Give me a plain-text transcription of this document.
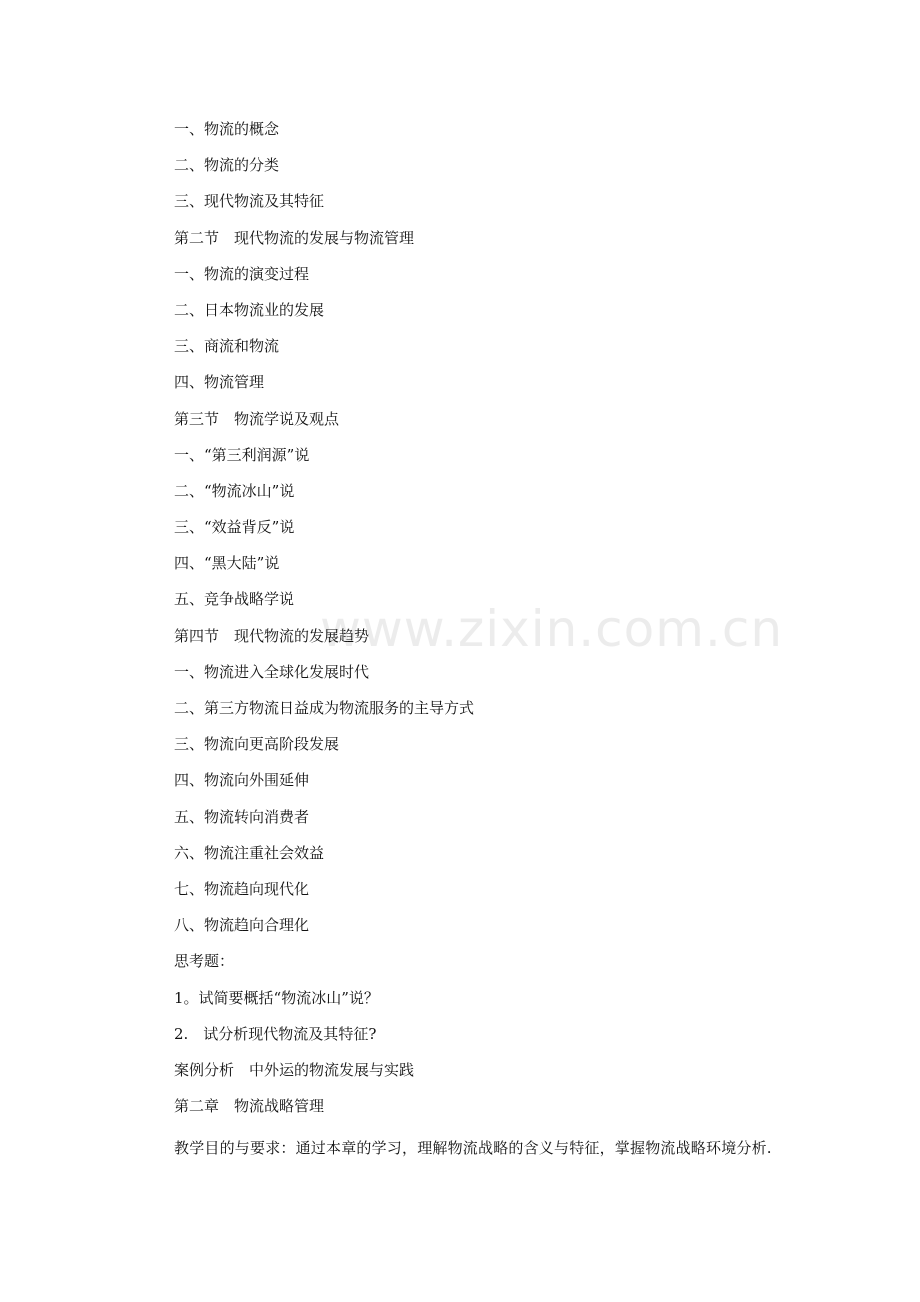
www.zixin.com.cn
一、物流的概念
二、物流的分类
三、现代物流及其特征
第二节　现代物流的发展与物流管理
一、物流的演变过程
二、日本物流业的发展
三、商流和物流
四、物流管理
第三节　物流学说及观点
一、“第三利润源”说
二、“物流冰山”说
三、“效益背反”说
四、“黑大陆”说
五、竞争战略学说
第四节　现代物流的发展趋势
一、物流进入全球化发展时代
二、第三方物流日益成为物流服务的主导方式
三、物流向更高阶段发展
四、物流向外围延伸
五、物流转向消费者
六、物流注重社会效益
七、物流趋向现代化
八、物流趋向合理化
思考题：
1。试简要概括“物流冰山”说？
2.　试分析现代物流及其特征?
案例分析　中外运的物流发展与实践
第二章　物流战略管理
教学目的与要求：通过本章的学习，理解物流战略的含义与特征，掌握物流战略环境分析.
